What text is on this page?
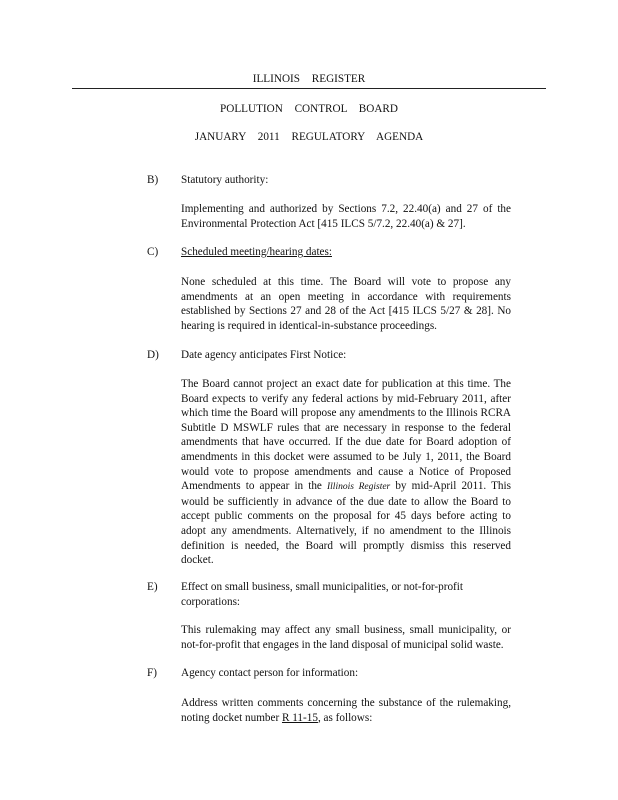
ILLINOIS REGISTER
POLLUTION CONTROL BOARD
JANUARY 2011 REGULATORY AGENDA
B) Statutory authority:
Implementing and authorized by Sections 7.2, 22.40(a) and 27 of the Environmental Protection Act [415 ILCS 5/7.2, 22.40(a) & 27].
C) Scheduled meeting/hearing dates:
None scheduled at this time. The Board will vote to propose any amendments at an open meeting in accordance with requirements established by Sections 27 and 28 of the Act [415 ILCS 5/27 & 28]. No hearing is required in identical-in-substance proceedings.
D) Date agency anticipates First Notice:
The Board cannot project an exact date for publication at this time. The Board expects to verify any federal actions by mid-February 2011, after which time the Board will propose any amendments to the Illinois RCRA Subtitle D MSWLF rules that are necessary in response to the federal amendments that have occurred. If the due date for Board adoption of amendments in this docket were assumed to be July 1, 2011, the Board would vote to propose amendments and cause a Notice of Proposed Amendments to appear in the Illinois Register by mid-April 2011. This would be sufficiently in advance of the due date to allow the Board to accept public comments on the proposal for 45 days before acting to adopt any amendments. Alternatively, if no amendment to the Illinois definition is needed, the Board will promptly dismiss this reserved docket.
E) Effect on small business, small municipalities, or not-for-profit corporations:
This rulemaking may affect any small business, small municipality, or not-for-profit that engages in the land disposal of municipal solid waste.
F) Agency contact person for information:
Address written comments concerning the substance of the rulemaking, noting docket number R 11-15, as follows:
